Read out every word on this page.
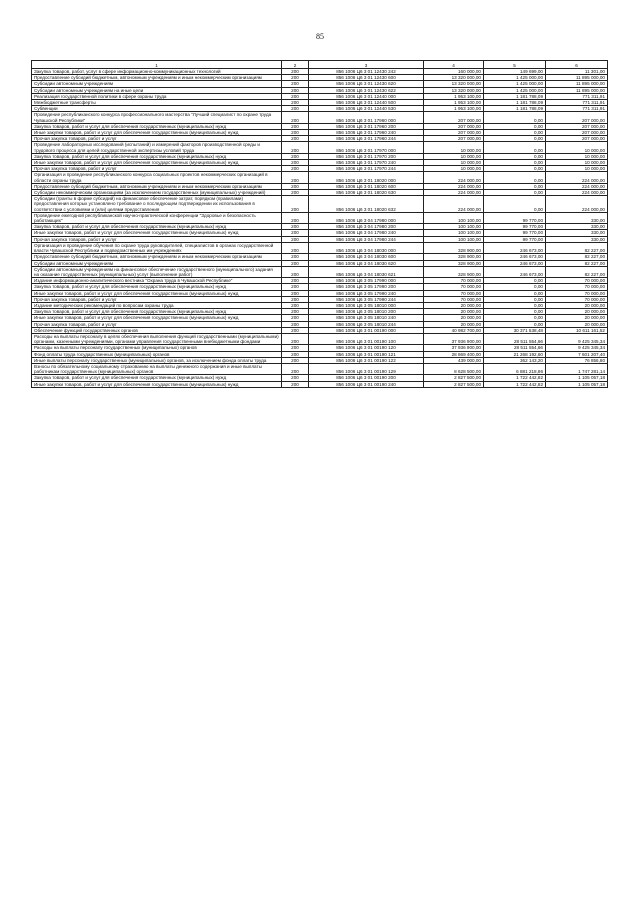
85
1	2	3	4	5	6
Закупка товаров, работ, услуг в сфере информационно-коммуникационных технологий	200	856 1006 Ц6 3 01 12430 242	160 000,00	149 699,00	11 301,00
Предоставление субсидий бюджетным, автономным учреждениям и иным некоммерческим организациям	200	856 1006 Ц6 3 01 12430 600	13 320 000,00	1 425 000,00	11 895 000,00
Субсидии автономным учреждениям	200	856 1006 Ц6 3 01 12430 620	13 320 000,00	1 425 000,00	11 895 000,00
Субсидии автономным учреждениям на иные цели	200	856 1006 Ц6 3 01 12430 622	13 320 000,00	1 425 000,00	11 895 000,00
Реализация государственной политики в сфере охраны труда	200	856 1006 Ц6 3 01 12440 000	1 953 100,00	1 181 788,09	771 311,91
Межбюджетные трансферты	200	856 1006 Ц6 3 01 12440 500	1 953 100,00	1 181 788,09	771 311,91
Субвенции	200	856 1006 Ц6 3 01 12440 530	1 953 100,00	1 181 788,09	771 311,91
Проведение республиканского конкурса профессионального мастерства "Лучший специалист по охране труда Чувашской Республики"	200	856 1006 Ц6 3 01 17960 000	207 000,00	0,00	207 000,00
Закупка товаров, работ и услуг для обеспечения государственных (муниципальных) нужд	200	856 1006 Ц6 3 01 17960 200	207 000,00	0,00	207 000,00
Иные закупки товаров, работ и услуг для обеспечения государственных (муниципальных) нужд	200	856 1006 Ц6 3 01 17960 240	207 000,00	0,00	207 000,00
Прочая закупка товаров, работ и услуг	200	856 1006 Ц6 3 01 17960 244	207 000,00	0,00	207 000,00
Проведение лабораторных исследований (испытаний) и измерений факторов производственной среды и трудового процесса для целей государственной экспертизы условий труда	200	856 1006 Ц6 3 01 17970 000	10 000,00	0,00	10 000,00
Закупка товаров, работ и услуг для обеспечения государственных (муниципальных) нужд	200	856 1006 Ц6 3 01 17970 200	10 000,00	0,00	10 000,00
Иные закупки товаров, работ и услуг для обеспечения государственных (муниципальных) нужд	200	856 1006 Ц6 3 01 17970 240	10 000,00	0,00	10 000,00
Прочая закупка товаров, работ и услуг	200	856 1006 Ц6 3 01 17970 244	10 000,00	0,00	10 000,00
Организация и проведение республиканского конкурса социальных проектов некоммерческих организаций в области охраны труда	200	856 1006 Ц6 3 01 18020 000	224 000,00	0,00	224 000,00
Предоставление субсидий бюджетным, автономным учреждениям и иным некоммерческим организациям	200	856 1006 Ц6 3 01 18020 600	224 000,00	0,00	224 000,00
Субсидии некоммерческим организациям (за исключением государственных (муниципальных) учреждений)	200	856 1006 Ц6 3 01 18020 630	224 000,00	0,00	224 000,00
Субсидии (гранты в форме субсидий) на финансовое обеспечение затрат, порядком (правилами) предоставления которых установлено требование о последующем подтверждении их использования в соответствии с условиями и (или) целями предоставления	200	856 1006 Ц6 3 01 18020 632	224 000,00	0,00	224 000,00
Проведение ежегодной республиканской научно-практической конференции "Здоровье и безопасность работающих"	200	856 1006 Ц6 3 04 17980 000	100 100,00	99 770,00	330,00
Закупка товаров, работ и услуг для обеспечения государственных (муниципальных) нужд	200	856 1006 Ц6 3 04 17980 200	100 100,00	99 770,00	330,00
Иные закупки товаров, работ и услуг для обеспечения государственных (муниципальных) нужд	200	856 1006 Ц6 3 04 17980 240	100 100,00	99 770,00	330,00
Прочая закупка товаров, работ и услуг	200	856 1006 Ц6 3 04 17980 244	100 100,00	99 770,00	330,00
Организация и проведение обучения по охране труда руководителей, специалистов в органах государственной власти Чувашской Республики и подведомственных им учреждениях	200	856 1006 Ц6 3 04 18030 000	328 900,00	246 673,00	82 227,00
Предоставление субсидий бюджетным, автономным учреждениям и иным некоммерческим организациям	200	856 1006 Ц6 3 04 18030 600	328 900,00	246 673,00	82 227,00
Субсидии автономным учреждениям	200	856 1006 Ц6 3 04 18030 620	328 900,00	246 673,00	82 227,00
Субсидии автономным учреждениям на финансовое обеспечение государственного (муниципального) задания на оказание государственных (муниципальных) услуг (выполнение работ)	200	856 1006 Ц6 3 04 18030 621	328 900,00	246 673,00	82 227,00
Издание информационно-аналитического вестника "Охрана труда в Чувашской Республике"	200	856 1006 Ц6 3 05 17990 000	70 000,00	0,00	70 000,00
Закупка товаров, работ и услуг для обеспечения государственных (муниципальных) нужд	200	856 1006 Ц6 3 05 17990 200	70 000,00	0,00	70 000,00
Иные закупки товаров, работ и услуг для обеспечения государственных (муниципальных) нужд	200	856 1006 Ц6 3 05 17990 240	70 000,00	0,00	70 000,00
Прочая закупка товаров, работ и услуг	200	856 1006 Ц6 3 05 17990 244	70 000,00	0,00	70 000,00
Издание методических рекомендаций по вопросам охраны труда	200	856 1006 Ц6 3 05 18010 000	20 000,00	0,00	20 000,00
Закупка товаров, работ и услуг для обеспечения государственных (муниципальных) нужд	200	856 1006 Ц6 3 05 18010 200	20 000,00	0,00	20 000,00
Иные закупки товаров, работ и услуг для обеспечения государственных (муниципальных) нужд	200	856 1006 Ц6 3 05 18010 240	20 000,00	0,00	20 000,00
Прочая закупка товаров, работ и услуг	200	856 1006 Ц6 3 05 18010 244	20 000,00	0,00	20 000,00
Обеспечение функций государственных органов	200	856 1006 Ц6 3 01 00190 000	40 982 700,00	30 371 538,48	10 611 161,52
Расходы на выплаты персоналу в целях обеспечения выполнения функций государственными (муниципальными) органами, казенными учреждениями, органами управления государственными внебюджетными фондами	200	856 1006 Ц6 3 01 00190 100	37 936 900,00	28 511 554,66	9 425 345,34
Расходы на выплаты персоналу государственных (муниципальных) органов	200	856 1006 Ц6 3 01 00190 120	37 936 900,00	28 511 554,66	9 425 345,34
Фонд оплаты труда государственных (муниципальных) органов	200	856 1006 Ц6 3 01 00190 121	28 869 400,00	21 268 192,60	7 601 207,40
Иные выплаты персоналу государственных (муниципальных) органов, за исключением фонда оплаты труда	200	856 1006 Ц6 3 01 00190 122	439 000,00	362 143,20	76 856,80
Взносы по обязательному социальному страхованию на выплаты денежного содержания и иные выплаты работникам государственных (муниципальных) органов	200	856 1006 Ц6 3 01 00190 129	8 628 500,00	6 881 218,86	1 747 281,14
Закупка товаров, работ и услуг для обеспечения государственных (муниципальных) нужд	200	856 1006 Ц6 3 01 00190 200	2 827 500,00	1 722 442,82	1 105 057,18
Иные закупки товаров, работ и услуг для обеспечения государственных (муниципальных) нужд	200	856 1006 Ц6 3 01 00190 240	2 827 500,00	1 722 442,82	1 105 057,18
